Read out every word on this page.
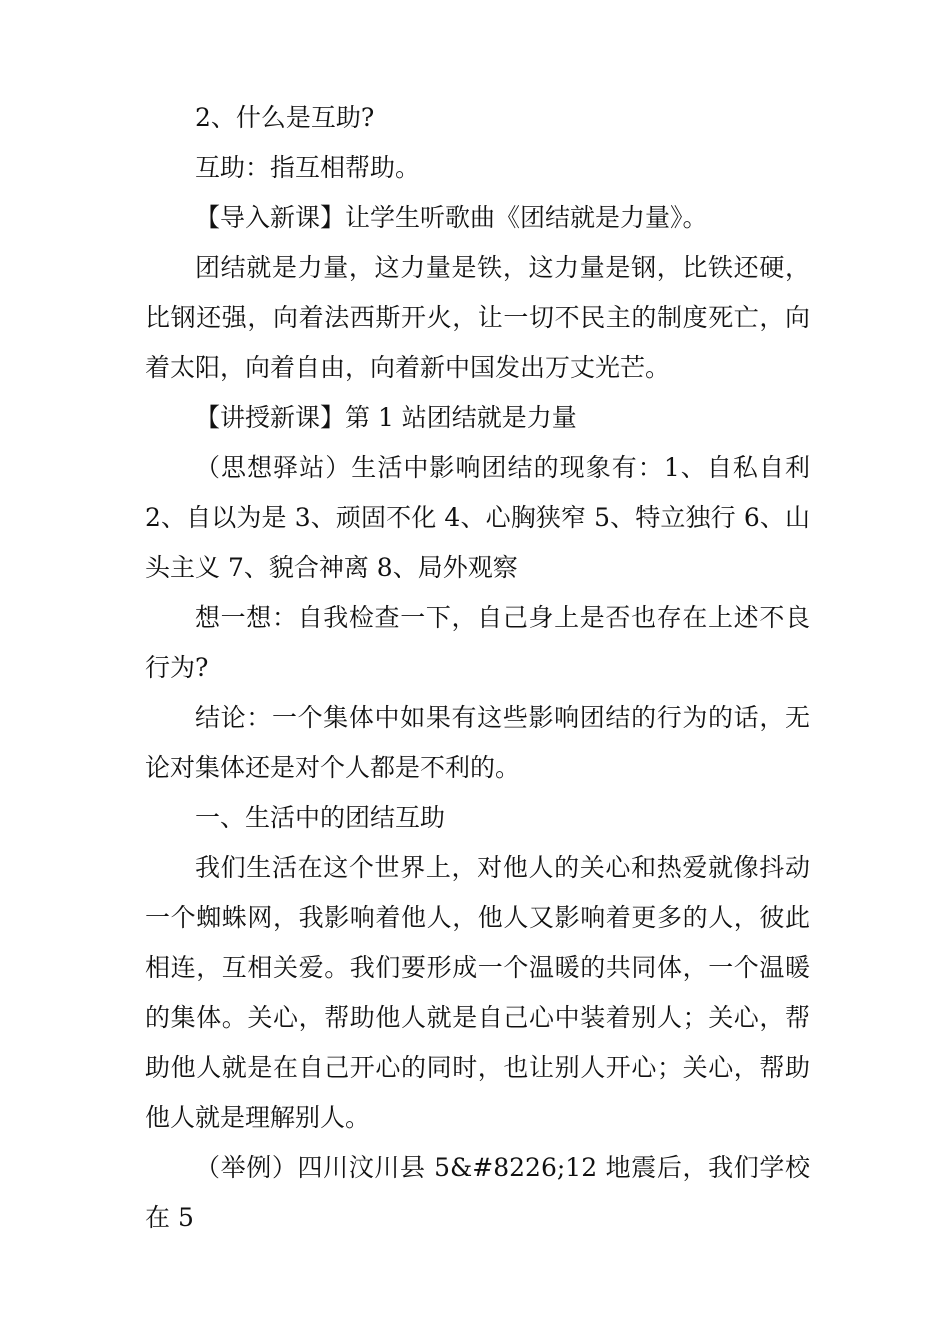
2、什么是互助?

互助：指互相帮助。

【导入新课】让学生听歌曲《团结就是力量》。

团结就是力量，这力量是铁，这力量是钢，比铁还硬，比钢还强，向着法西斯开火，让一切不民主的制度死亡，向着太阳，向着自由，向着新中国发出万丈光芒。

【讲授新课】第 1 站团结就是力量

（思想驿站）生活中影响团结的现象有：1、自私自利 2、自以为是 3、顽固不化 4、心胸狭窄 5、特立独行 6、山头主义 7、貌合神离 8、局外观察

想一想：自我检查一下，自己身上是否也存在上述不良行为?

结论：一个集体中如果有这些影响团结的行为的话，无论对集体还是对个人都是不利的。

一、生活中的团结互助

我们生活在这个世界上，对他人的关心和热爱就像抖动一个蜘蛛网，我影响着他人，他人又影响着更多的人，彼此相连，互相关爱。我们要形成一个温暖的共同体，一个温暖的集体。关心，帮助他人就是自己心中装着别人；关心，帮助他人就是在自己开心的同时，也让别人开心；关心，帮助他人就是理解别人。

（举例）四川汶川县 5&#8226;12 地震后，我们学校在 5
